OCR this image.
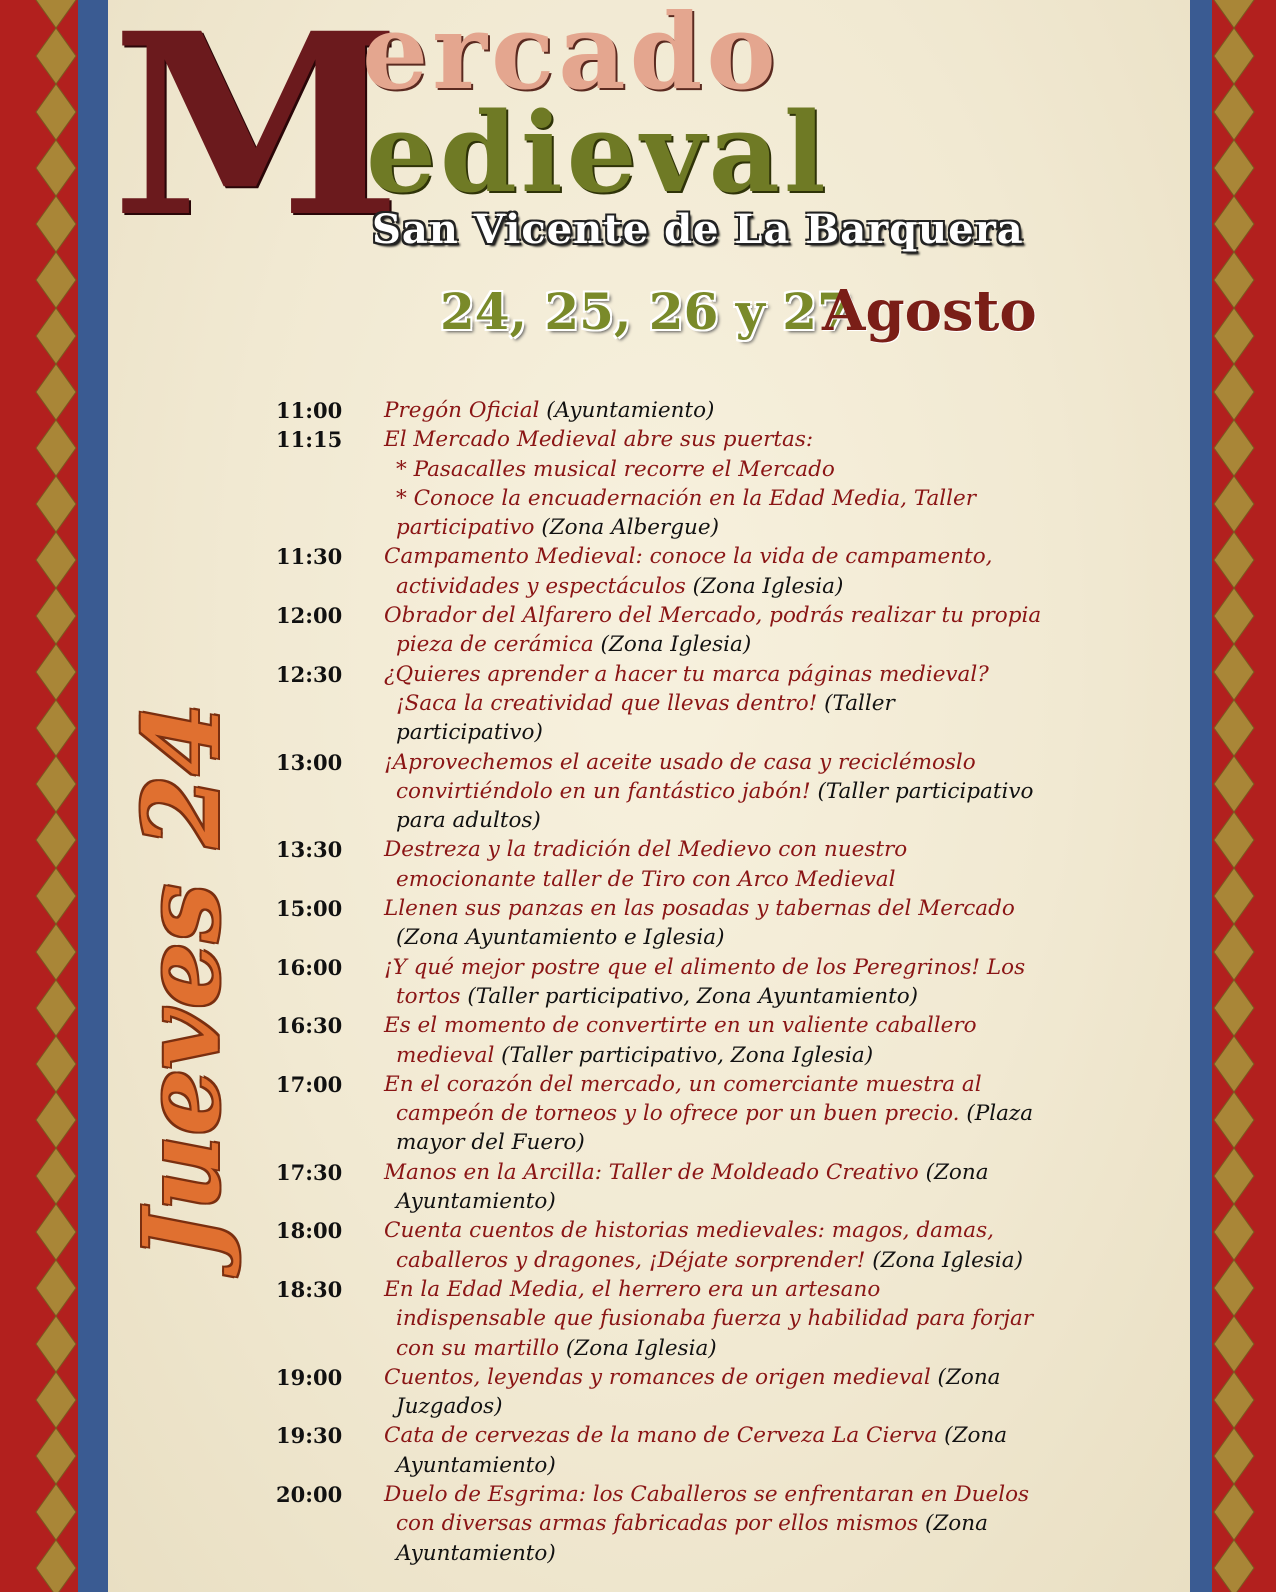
M
ercado
edieval
San Vicente de La Barquera
24, 25, 26 y 27
Agosto
Jueves 24
11:00	Pregón Oficial (Ayuntamiento)
11:15	El Mercado Medieval abre sus puertas:
* Pasacalles musical recorre el Mercado
* Conoce la encuadernación en la Edad Media, Taller
participativo (Zona Albergue)
11:30	Campamento Medieval: conoce la vida de campamento,
actividades y espectáculos (Zona Iglesia)
12:00	Obrador del Alfarero del Mercado, podrás realizar tu propia
pieza de cerámica (Zona Iglesia)
12:30	¿Quieres aprender a hacer tu marca páginas medieval?
¡Saca la creatividad que llevas dentro! (Taller
participativo)
13:00	¡Aprovechemos el aceite usado de casa y reciclémoslo
convirtiéndolo en un fantástico jabón! (Taller participativo
para adultos)
13:30	Destreza y la tradición del Medievo con nuestro
emocionante taller de Tiro con Arco Medieval
15:00	Llenen sus panzas en las posadas y tabernas del Mercado
(Zona Ayuntamiento e Iglesia)
16:00	¡Y qué mejor postre que el alimento de los Peregrinos! Los
tortos (Taller participativo, Zona Ayuntamiento)
16:30	Es el momento de convertirte en un valiente caballero
medieval (Taller participativo, Zona Iglesia)
17:00	En el corazón del mercado, un comerciante muestra al
campeón de torneos y lo ofrece por un buen precio. (Plaza
mayor del Fuero)
17:30	Manos en la Arcilla: Taller de Moldeado Creativo (Zona
Ayuntamiento)
18:00	Cuenta cuentos de historias medievales: magos, damas,
caballeros y dragones, ¡Déjate sorprender! (Zona Iglesia)
18:30	En la Edad Media, el herrero era un artesano
indispensable que fusionaba fuerza y habilidad para forjar
con su martillo (Zona Iglesia)
19:00	Cuentos, leyendas y romances de origen medieval (Zona
Juzgados)
19:30	Cata de cervezas de la mano de Cerveza La Cierva (Zona
Ayuntamiento)
20:00	Duelo de Esgrima: los Caballeros se enfrentaran en Duelos
con diversas armas fabricadas por ellos mismos (Zona
Ayuntamiento)
